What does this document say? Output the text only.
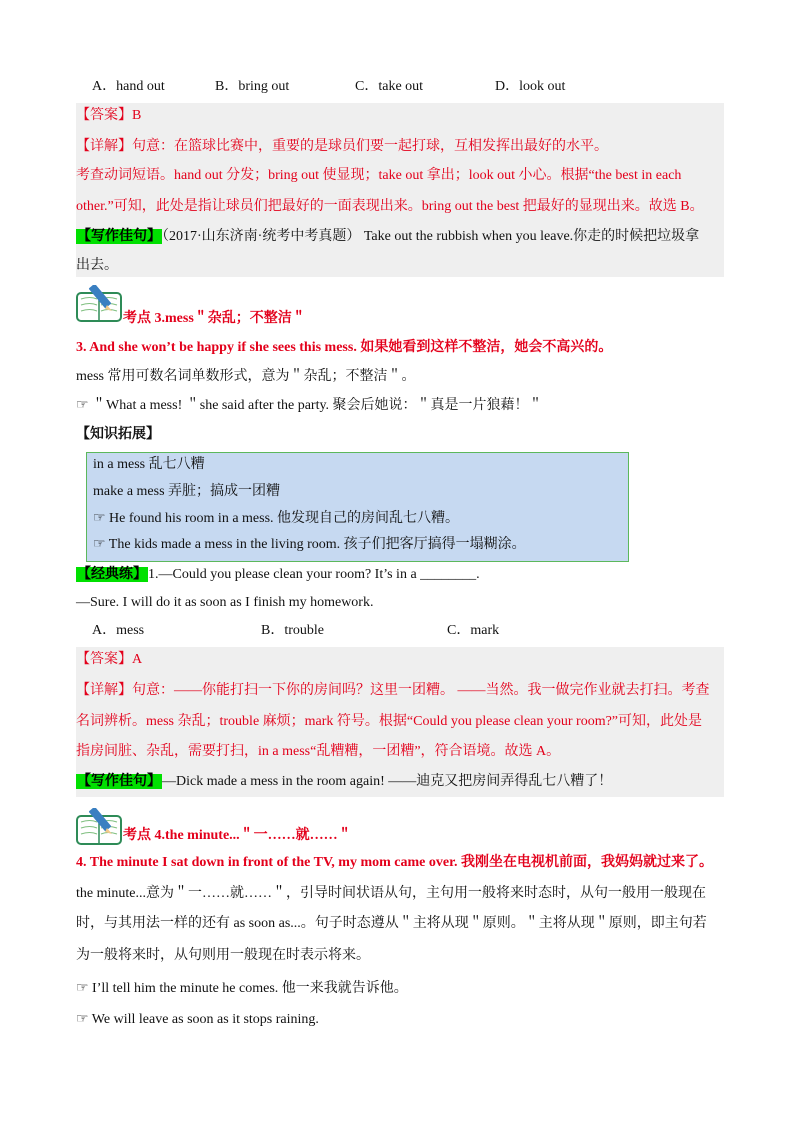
A．hand out	B．bring out	C．take out	D．look out
【答案】B
【详解】句意：在篮球比赛中，重要的是球员们要一起打球，互相发挥出最好的水平。
考查动词短语。hand out 分发；bring out 使显现；take out 拿出；look out 小心。根据“the best in each
other.”可知，此处是指让球员们把最好的一面表现出来。bring out the best 把最好的显现出来。故选 B。
【写作佳句】（2017·山东济南·统考中考真题） Take out the rubbish when you leave.你走的时候把垃圾拿
出去。
考点 3.mess＂杂乱；不整洁＂
3. And she won’t be happy if she sees this mess. 如果她看到这样不整洁，她会不高兴的。
mess 常用可数名词单数形式，意为＂杂乱；不整洁＂。
☞ ＂What a mess! ＂she said after the party. 聚会后她说：＂真是一片狼藉！＂
【知识拓展】
in a mess 乱七八糟
make a mess 弄脏；搞成一团糟
☞ He found his room in a mess. 他发现自己的房间乱七八糟。
☞ The kids made a mess in the living room. 孩子们把客厅搞得一塌糊涂。
【经典练】1.—Could you please clean your room? It’s in a ________.
—Sure. I will do it as soon as I finish my homework.
A．mess	B．trouble	C．mark
【答案】A
【详解】句意：——你能打扫一下你的房间吗？这里一团糟。 ——当然。我一做完作业就去打扫。考查
名词辨析。mess 杂乱；trouble 麻烦；mark 符号。根据“Could you please clean your room?”可知，此处是
指房间脏、杂乱，需要打扫，in a mess“乱糟糟，一团糟”，符合语境。故选 A。
【写作佳句】—Dick made a mess in the room again! ——迪克又把房间弄得乱七八糟了！
考点 4.the minute...＂一……就……＂
4. The minute I sat down in front of the TV, my mom came over. 我刚坐在电视机前面，我妈妈就过来了。
the minute...意为＂一……就……＂，引导时间状语从句，主句用一般将来时态时，从句一般用一般现在
时，与其用法一样的还有 as soon as...。句子时态遵从＂主将从现＂原则。＂主将从现＂原则，即主句若
为一般将来时，从句则用一般现在时表示将来。
☞ I’ll tell him the minute he comes. 他一来我就告诉他。
☞ We will leave as soon as it stops raining.
